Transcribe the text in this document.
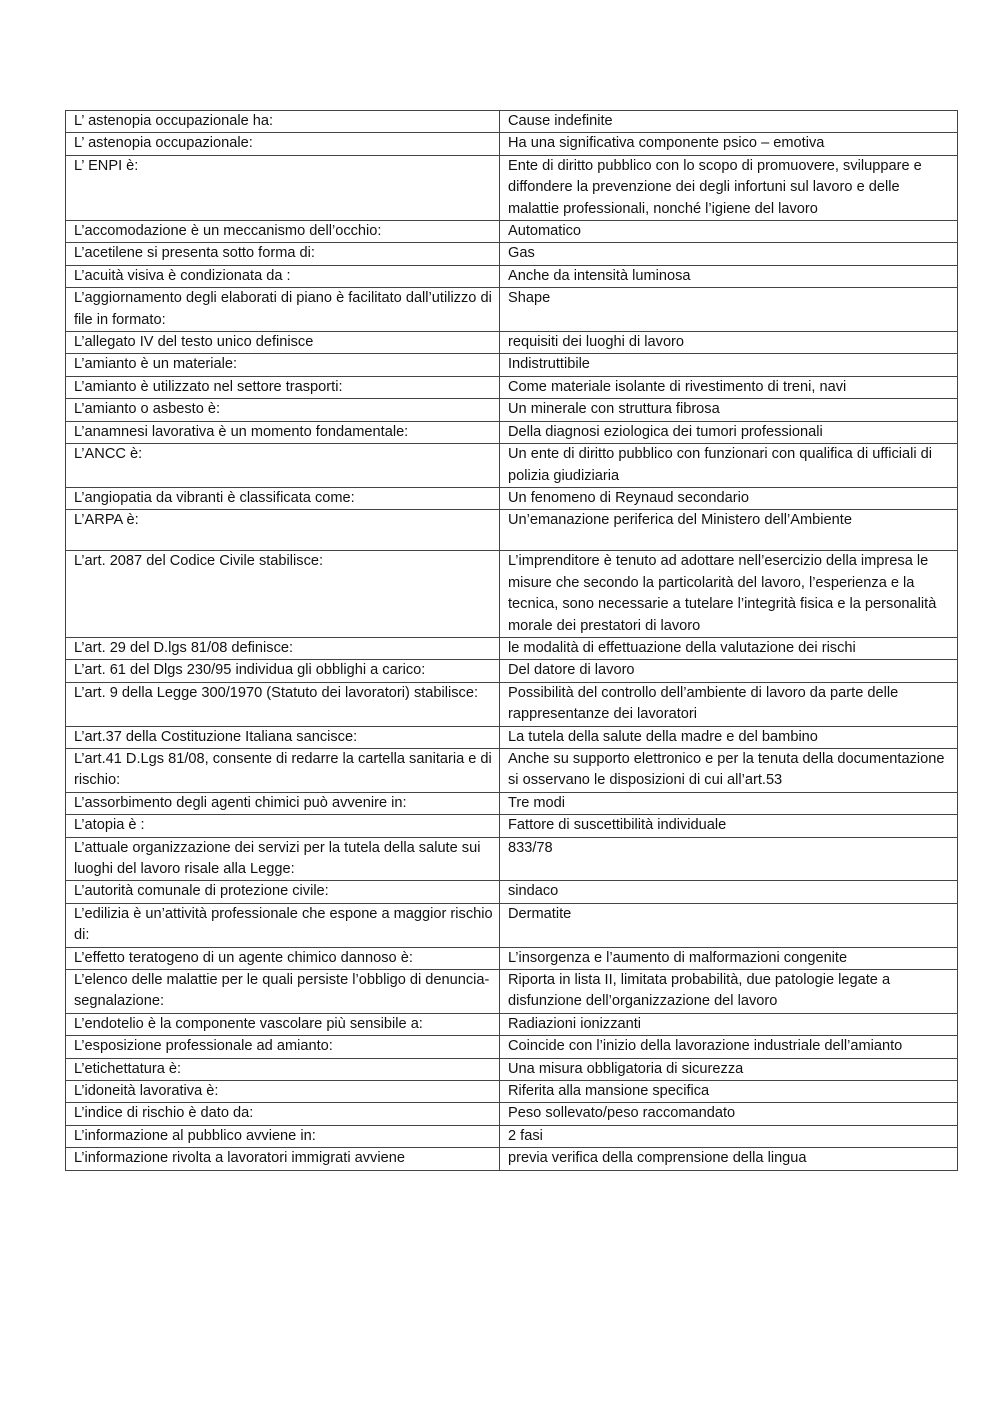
L’ astenopia occupazionale ha:	Cause indefinite
L’ astenopia occupazionale:	Ha una significativa componente psico – emotiva
L’ ENPI è:	Ente di diritto pubblico con lo scopo di promuovere, sviluppare e diffondere la prevenzione dei degli infortuni sul lavoro e delle malattie professionali, nonché l’igiene del lavoro
L’accomodazione è un meccanismo dell’occhio:	Automatico
L’acetilene si presenta sotto forma di:	Gas
L’acuità visiva è condizionata da :	Anche da intensità luminosa
L’aggiornamento degli elaborati di piano è facilitato dall’utilizzo di file in formato:	Shape
L’allegato IV del testo unico definisce	requisiti dei luoghi di lavoro
L’amianto è un materiale:	Indistruttibile
L’amianto è utilizzato nel settore trasporti:	Come materiale isolante di rivestimento di treni, navi
L’amianto o asbesto è:	Un minerale con struttura fibrosa
L’anamnesi lavorativa è un momento fondamentale:	Della diagnosi eziologica dei tumori professionali
L’ANCC è:	Un ente di diritto pubblico con funzionari con qualifica di ufficiali di polizia giudiziaria
L’angiopatia da vibranti è classificata come:	Un fenomeno di Reynaud secondario
L’ARPA è:	Un’emanazione periferica del Ministero dell’Ambiente
L’art. 2087 del Codice Civile stabilisce:	L’imprenditore è tenuto ad adottare nell’esercizio della impresa le misure che secondo la particolarità del lavoro, l’esperienza e la tecnica, sono necessarie a tutelare l’integrità fisica e la personalità morale dei prestatori di lavoro
L’art. 29 del D.lgs 81/08 definisce:	le modalità di effettuazione della valutazione dei rischi
L’art. 61 del Dlgs 230/95 individua gli obblighi a carico:	Del datore di lavoro
L’art. 9 della Legge 300/1970 (Statuto dei lavoratori) stabilisce:	Possibilità del controllo dell’ambiente di lavoro da parte delle rappresentanze dei lavoratori
L’art.37 della Costituzione Italiana sancisce:	La tutela della salute della madre e del bambino
L’art.41 D.Lgs 81/08, consente di redarre la cartella sanitaria e di rischio:	Anche su supporto elettronico e per la tenuta della documentazione si osservano le disposizioni di cui all’art.53
L’assorbimento degli agenti chimici può avvenire in:	Tre modi
L’atopia è :	Fattore di suscettibilità individuale
L’attuale organizzazione dei servizi per la tutela della salute sui luoghi del lavoro risale alla Legge:	833/78
L’autorità comunale di protezione civile:	sindaco
L’edilizia è un’attività professionale che espone a maggior rischio di:	Dermatite
L’effetto teratogeno di un agente chimico dannoso è:	L’insorgenza e l’aumento di malformazioni congenite
L’elenco delle malattie per le quali persiste l’obbligo di denuncia-segnalazione:	Riporta in lista II, limitata probabilità, due patologie legate a disfunzione dell’organizzazione del lavoro
L’endotelio è la componente vascolare più sensibile a:	Radiazioni ionizzanti
L’esposizione professionale ad amianto:	Coincide con l’inizio della lavorazione industriale dell’amianto
L’etichettatura è:	Una misura obbligatoria di sicurezza
L’idoneità lavorativa è:	Riferita alla mansione specifica
L’indice di rischio è dato da:	Peso sollevato/peso raccomandato
L’informazione al pubblico avviene in:	2 fasi
L’informazione rivolta a lavoratori immigrati avviene	previa verifica della comprensione della lingua
